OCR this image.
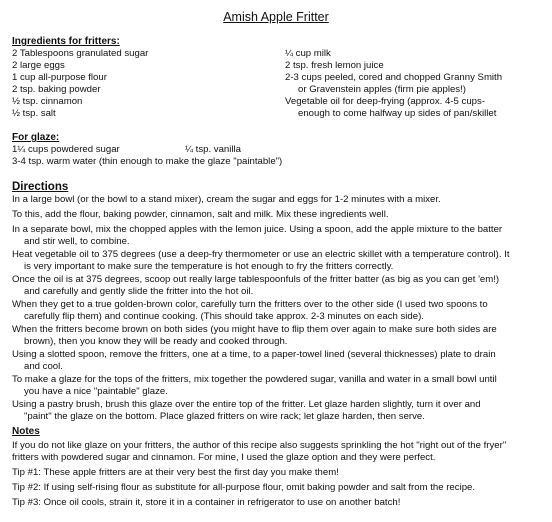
Amish Apple Fritter
Ingredients for fritters:
2 Tablespoons granulated sugar
2 large eggs
1 cup all-purpose flour
2 tsp. baking powder
½ tsp. cinnamon
½ tsp. salt
¼ cup milk
2 tsp. fresh lemon juice
2-3 cups peeled, cored and chopped Granny Smith
or Gravenstein apples (firm pie apples!)
Vegetable oil for deep-frying (approx. 4-5 cups-
enough to come halfway up sides of pan/skillet
For glaze:
1¼ cups powdered sugar	¼ tsp. vanilla
3-4 tsp. warm water (thin enough to make the glaze "paintable")
Directions
In a large bowl (or the bowl to a stand mixer), cream the sugar and eggs for 1-2 minutes with a mixer.
To this, add the flour, baking powder, cinnamon, salt and milk. Mix these ingredients well.
In a separate bowl, mix the chopped apples with the lemon juice. Using a spoon, add the apple mixture to the batter
and stir well, to combine.
Heat vegetable oil to 375 degrees (use a deep-fry thermometer or use an electric skillet with a temperature control). It
is very important to make sure the temperature is hot enough to fry the fritters correctly.
Once the oil is at 375 degrees, scoop out really large tablespoonfuls of the fritter batter (as big as you can get 'em!)
and carefully and gently slide the fritter into the hot oil.
When they get to a true golden-brown color, carefully turn the fritters over to the other side (I used two spoons to
carefully flip them) and continue cooking. (This should take approx. 2-3 minutes on each side).
When the fritters become brown on both sides (you might have to flip them over again to make sure both sides are
brown), then you know they will be ready and cooked through.
Using a slotted spoon, remove the fritters, one at a time, to a paper-towel lined (several thicknesses) plate to drain
and cool.
To make a glaze for the tops of the fritters, mix together the powdered sugar, vanilla and water in a small bowl until
you have a nice "paintable" glaze.
Using a pastry brush, brush this glaze over the entire top of the fritter. Let glaze harden slightly, turn it over and
"paint" the glaze on the bottom. Place glazed fritters on wire rack; let glaze harden, then serve.
Notes
If you do not like glaze on your fritters, the author of this recipe also suggests sprinkling the hot "right out of the fryer"
fritters with powdered sugar and cinnamon. For mine, I used the glaze option and they were perfect.
Tip #1: These apple fritters are at their very best the first day you make them!
Tip #2: If using self-rising flour as substitute for all-purpose flour, omit baking powder and salt from the recipe.
Tip #3: Once oil cools, strain it, store it in a container in refrigerator to use on another batch!
